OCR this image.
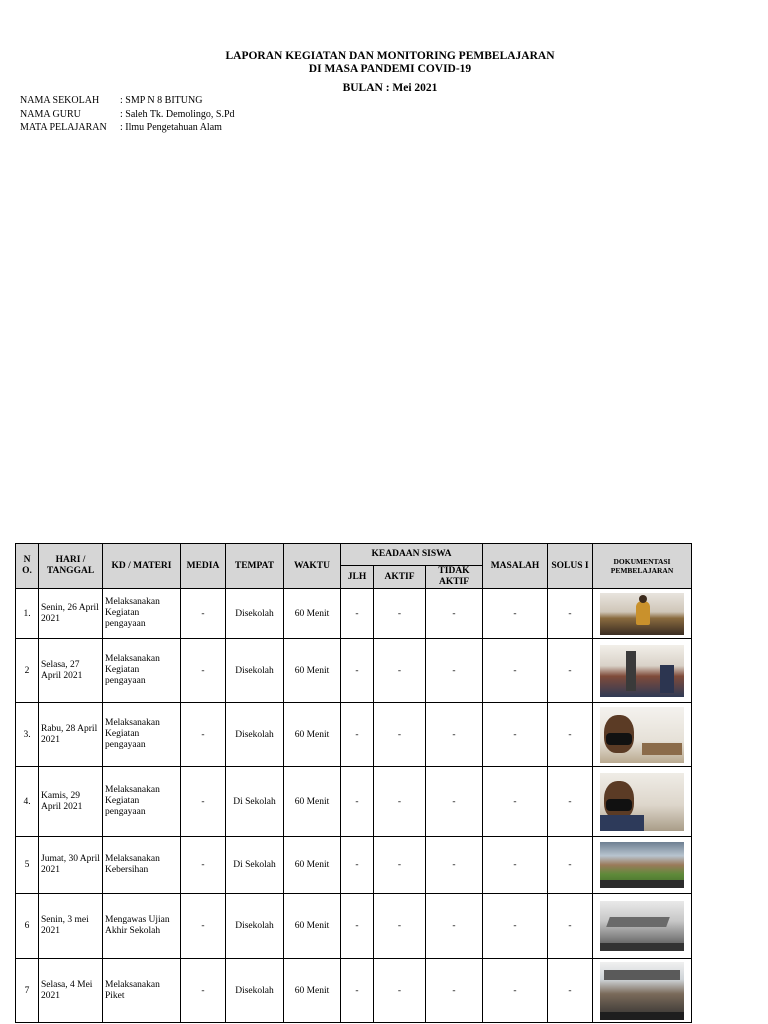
LAPORAN KEGIATAN DAN MONITORING PEMBELAJARAN
DI MASA PANDEMI COVID-19
BULAN : Mei 2021
NAMA SEKOLAH	: SMP N 8 BITUNG
NAMA GURU	: Saleh Tk. Demolingo, S.Pd
MATA PELAJARAN	: Ilmu Pengetahuan Alam
N O.	HARI / TANGGAL	KD / MATERI	MEDIA	TEMPAT	WAKTU	KEADAAN SISWA			MASALAH	SOLUS I	DOKUMENTASI PEMBELAJARAN
						JLH	AKTIF	TIDAK AKTIF			
1.	Senin, 26 April 2021	Melaksanakan Kegiatan pengayaan	-	Disekolah	60 Menit	-	-	-	-	-	

2	Selasa, 27 April 2021	Melaksanakan Kegiatan pengayaan	-	Disekolah	60 Menit	-	-	-	-	-	

3.	Rabu, 28 April 2021	Melaksanakan Kegiatan pengayaan	-	Disekolah	60 Menit	-	-	-	-	-	

4.	Kamis, 29 April 2021	Melaksanakan Kegiatan pengayaan	-	Di Sekolah	60 Menit	-	-	-	-	-	

5	Jumat, 30 April 2021	Melaksanakan Kebersihan	-	Di Sekolah	60 Menit	-	-	-	-	-	

6	Senin, 3 mei 2021	Mengawas Ujian Akhir Sekolah	-	Disekolah	60 Menit	-	-	-	-	-	

7	Selasa, 4 Mei 2021	Melaksanakan Piket	-	Disekolah	60 Menit	-	-	-	-	-	
